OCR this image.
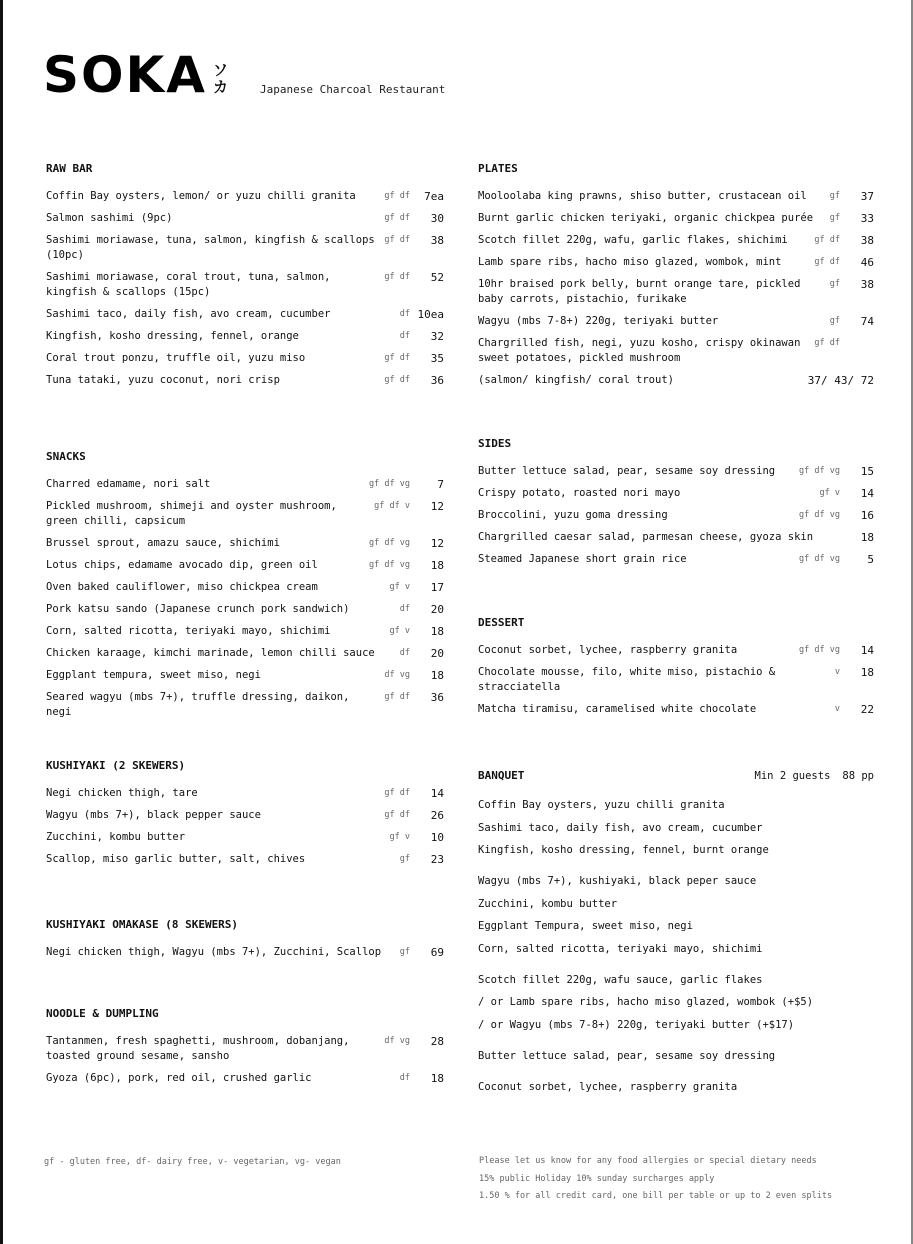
SOKA ソ
カ	Japanese Charcoal Restaurant
RAW BAR
Coffin Bay oysters, lemon/ or yuzu chilli granita	gf df	7ea
Salmon sashimi (9pc)	gf df	30
Sashimi moriawase, tuna, salmon, kingfish & scallops (10pc)
gf df	38
Sashimi moriawase, coral trout, tuna, salmon, kingfish & scallops (15pc)
gf df	52
Sashimi taco, daily fish, avo cream, cucumber	df 10ea
Kingfish, kosho dressing, fennel, orange	df	32
Coral trout ponzu, truffle oil, yuzu miso	gf df	35
Tuna tataki, yuzu coconut, nori crisp	gf df	36
SNACKS
Charred edamame, nori salt	gf df vg	7
Pickled mushroom, shimeji and oyster mushroom, green chilli, capsicum
gf df v	12
Brussel sprout, amazu sauce, shichimi	gf df vg	12
Lotus chips, edamame avocado dip, green oil	gf df vg	18
Oven baked cauliflower, miso chickpea cream	gf v	17
Pork katsu sando (Japanese crunch pork sandwich)	df	20
Corn, salted ricotta, teriyaki mayo, shichimi	gf v	18
Chicken karaage, kimchi marinade, lemon chilli sauce	df	20
Eggplant tempura, sweet miso, negi	df vg	18
Seared wagyu (mbs 7+), truffle dressing, daikon, negi
gf df	36
KUSHIYAKI (2 SKEWERS)
Negi chicken thigh, tare	gf df	14
Wagyu (mbs 7+), black pepper sauce	gf df	26
Zucchini, kombu butter	gf v	10
Scallop, miso garlic butter, salt, chives	gf	23
KUSHIYAKI OMAKASE (8 SKEWERS)
Negi chicken thigh, Wagyu (mbs 7+), Zucchini, Scallop	gf	69
NOODLE & DUMPLING
Tantanmen, fresh spaghetti, mushroom, dobanjang, toasted ground sesame, sansho
df vg	28
Gyoza (6pc), pork, red oil, crushed garlic	df	18
PLATES
Mooloolaba king prawns, shiso butter, crustacean oil	gf	37
Burnt garlic chicken teriyaki, organic chickpea purée	gf	33
Scotch fillet 220g, wafu, garlic flakes, shichimi	gf df	38
Lamb spare ribs, hacho miso glazed, wombok, mint	gf df	46
10hr braised pork belly, burnt orange tare, pickled baby carrots, pistachio, furikake
gf	38
Wagyu (mbs 7-8+) 220g, teriyaki butter	gf	74
Chargrilled fish, negi, yuzu kosho, crispy okinawan sweet potatoes, pickled mushroom
gf df
(salmon/ kingfish/ coral trout)	37/ 43/ 72
SIDES
Butter lettuce salad, pear, sesame soy dressing	gf df vg	15
Crispy potato, roasted nori mayo	gf v	14
Broccolini, yuzu goma dressing	gf df vg	16
Chargrilled caesar salad, parmesan cheese, gyoza skin	18
Steamed Japanese short grain rice	gf df vg	5
DESSERT
Coconut sorbet, lychee, raspberry granita	gf df vg	14
Chocolate mousse, filo, white miso, pistachio & stracciatella
v	18
Matcha tiramisu, caramelised white chocolate	v	22
BANQUET	Min 2 guests 88 pp
Coffin Bay oysters, yuzu chilli granita
Sashimi taco, daily fish, avo cream, cucumber
Kingfish, kosho dressing, fennel, burnt orange
Wagyu (mbs 7+), kushiyaki, black peper sauce
Zucchini, kombu butter
Eggplant Tempura, sweet miso, negi
Corn, salted ricotta, teriyaki mayo, shichimi
Scotch fillet 220g, wafu sauce, garlic flakes
/ or Lamb spare ribs, hacho miso glazed, wombok (+$5)
/ or Wagyu (mbs 7-8+) 220g, teriyaki butter (+$17)
Butter lettuce salad, pear, sesame soy dressing
Coconut sorbet, lychee, raspberry granita
gf - gluten free, df- dairy free, v- vegetarian, vg- vegan	Please let us know for any food allergies or special dietary needs
15% public Holiday 10% sunday surcharges apply
1.50 % for all credit card, one bill per table or up to 2 even splits
